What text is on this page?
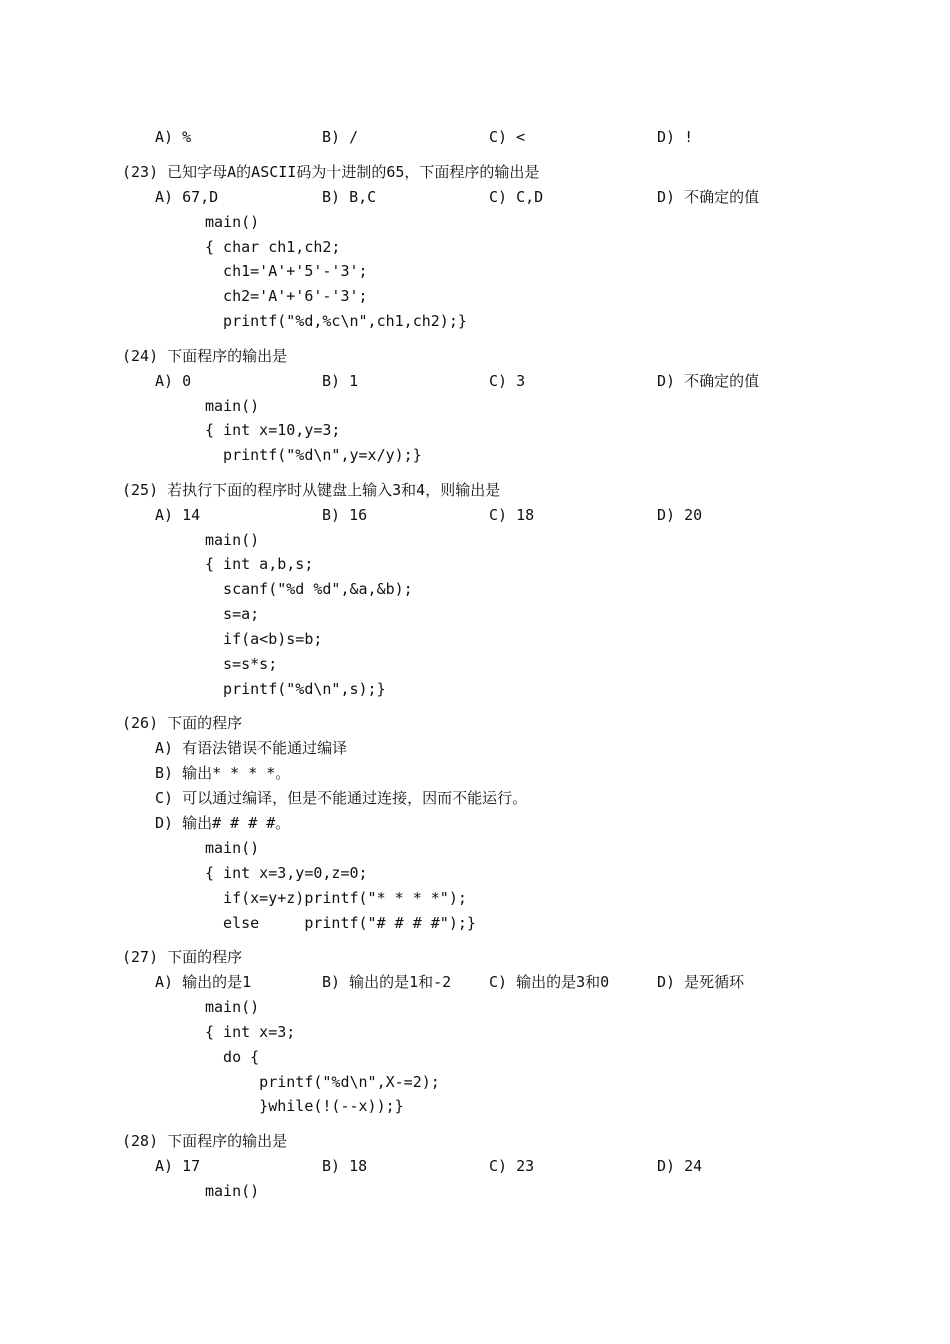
A) %

	B) /

	C) <

	D) !

(23) 已知字母A的ASCII码为十进制的65，下面程序的输出是

A) 67,D

	B) B,C

	C) C,D

	D) 不确定的值

main()
{ char ch1,ch2;
ch1='A'+'5'-'3';
ch2='A'+'6'-'3';
printf("%d,%c\n",ch1,ch2);}
(24) 下面程序的输出是

A) 0

	B) 1

	C) 3

	D) 不确定的值

main()
{ int x=10,y=3;
printf("%d\n",y=x/y);}
(25) 若执行下面的程序时从键盘上输入3和4，则输出是

A) 14

	B) 16

	C) 18

	D) 20

main()
{ int a,b,s;
scanf("%d %d",&a,&b);
s=a;
if(a<b)s=b;
s=s*s;
printf("%d\n",s);}
(26) 下面的程序
A) 有语法错误不能通过编译
B) 输出* * * *。
C) 可以通过编译，但是不能通过连接，因而不能运行。
D) 输出# # # #。
main()
{ int x=3,y=0,z=0;
if(x=y+z)printf("* * * *");
else     printf("# # # #");}
(27) 下面的程序

A) 输出的是1

	B) 输出的是1和-2

	C) 输出的是3和0

	D) 是死循环

main()
{ int x=3;
do {
printf("%d\n",X-=2);
}while(!(--x));}
(28) 下面程序的输出是

A) 17

	B) 18

	C) 23

	D) 24

main()
